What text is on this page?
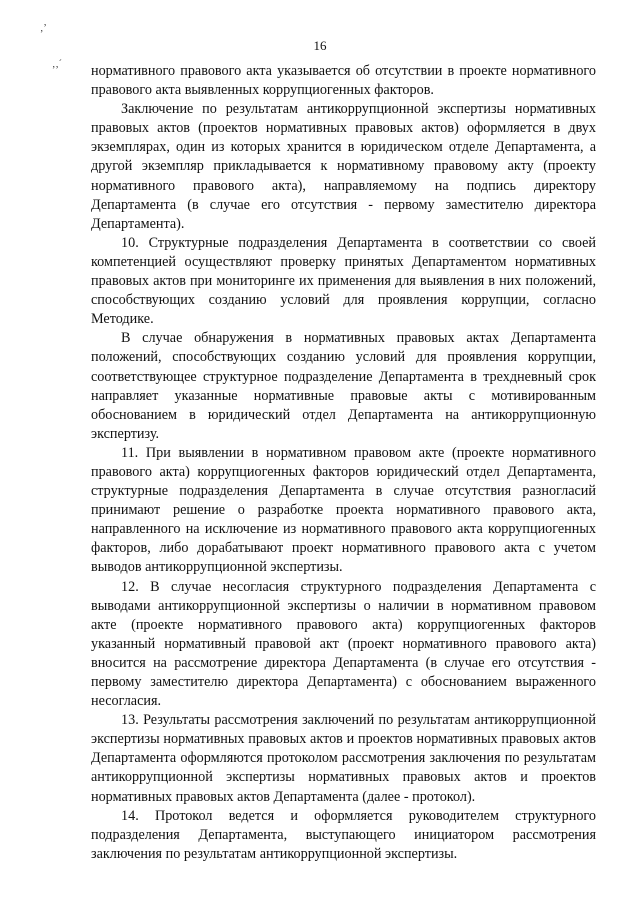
‚’
‚‚´
16

нормативного правового акта указывается об отсутствии в проекте нормативного правового акта выявленных коррупциогенных факторов.

Заключение по результатам антикоррупционной экспертизы нормативных правовых актов (проектов нормативных правовых актов) оформляется в двух экземплярах, один из которых хранится в юридическом отделе Департамента, а другой экземпляр прикладывается к нормативному правовому акту (проекту нормативного правового акта), направляемому на подпись директору Департамента (в случае его отсутствия - первому заместителю директора Департамента).

10. Структурные подразделения Департамента в соответствии со своей компетенцией осуществляют проверку принятых Департаментом нормативных правовых актов при мониторинге их применения для выявления в них положений, способствующих созданию условий для проявления коррупции, согласно Методике.

В случае обнаружения в нормативных правовых актах Департамента положений, способствующих созданию условий для проявления коррупции, соответствующее структурное подразделение Департамента в трехдневный срок направляет указанные нормативные правовые акты с мотивированным обоснованием в юридический отдел Департамента на антикоррупционную экспертизу.

11. При выявлении в нормативном правовом акте (проекте нормативного правового акта) коррупциогенных факторов юридический отдел Департамента, структурные подразделения Департамента в случае отсутствия разногласий принимают решение о разработке проекта нормативного правового акта, направленного на исключение из нормативного правового акта коррупциогенных факторов, либо дорабатывают проект нормативного правового акта с учетом выводов антикоррупционной экспертизы.

12. В случае несогласия структурного подразделения Департамента с выводами антикоррупционной экспертизы о наличии в нормативном правовом акте (проекте нормативного правового акта) коррупциогенных факторов указанный нормативный правовой акт (проект нормативного правового акта) вносится на рассмотрение директора Департамента (в случае его отсутствия - первому заместителю директора Департамента) с обоснованием выраженного несогласия.

13. Результаты рассмотрения заключений по результатам антикоррупционной экспертизы нормативных правовых актов и проектов нормативных правовых актов Департамента оформляются протоколом рассмотрения заключения по результатам антикоррупционной экспертизы нормативных правовых актов и проектов нормативных правовых актов Департамента (далее - протокол).

14. Протокол ведется и оформляется руководителем структурного подразделения Департамента, выступающего инициатором рассмотрения заключения по результатам антикоррупционной экспертизы.
